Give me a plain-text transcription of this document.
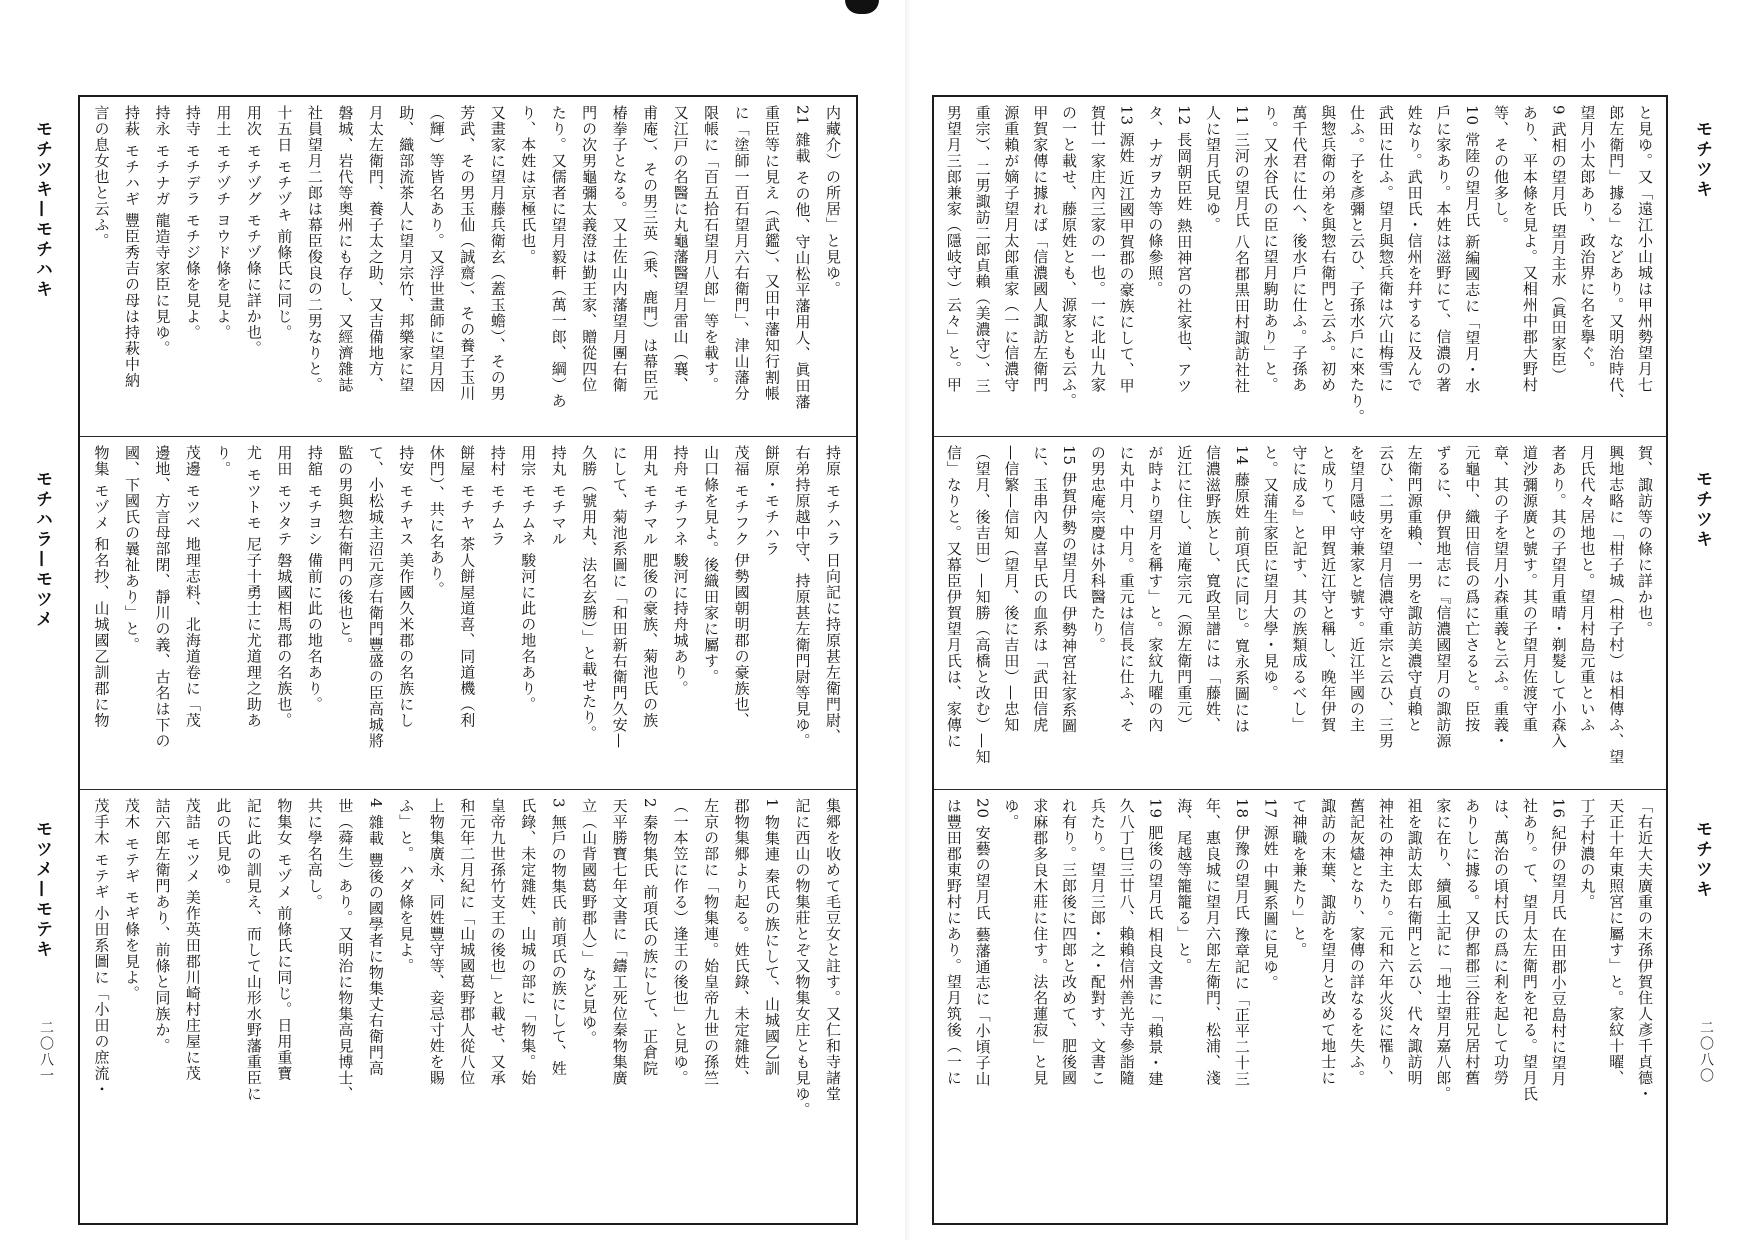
モチツキ—モチハキ
モチハラ—モツメ
モツメ—モテキ
二〇八一
内藏介）の所居」と見ゆ。
21 雜載 その他、守山松平藩用人、眞田藩
重臣等に見え（武鑑）、又田中藩知行割帳
に「塗師一百石望月六右衛門」、津山藩分
限帳に「百五拾石望月八郎」等を載す。
又江戸の名醫に丸龜藩醫望月雷山（襄、
甫庵）、その男三英（乗、鹿門）は幕臣元
椿拳子となる。又土佐山内藩望月團右衛
門の次男龜彌太義澄は勤王家、贈從四位
たり。又儒者に望月毅軒（萬一郎、綱）あ
り、本姓は京極氏也。
又畫家に望月藤兵衛玄（蓋玉蟾）、その男
芳武、その男玉仙（誠齋）、その養子玉川
（輝）等皆名あり。又浮世畫師に望月因
助、織部流茶人に望月宗竹、邦樂家に望
月太左衛門、養子太之助、又吉備地方、
磐城、岩代等奥州にも存し、又經濟雜誌
社員望月二郎は幕臣俊良の二男なりと。
十五日 モチヅキ 前條氏に同じ。
用次 モチヅグ モチヅ條に詳か也。
用土 モチヅチ ヨウド條を見よ。
持寺 モチデラ モチジ條を見よ。
持永 モチナガ 龍造寺家臣に見ゆ。
持萩 モチハギ 豐臣秀吉の母は持萩中納
言の息女也と云ふ。
持原 モチハラ 日向記に持原甚左衛門尉、
右弟持原越中守、持原甚左衛門尉等見ゆ。
餅原・モチハラ
茂福 モチフク 伊勢國朝明郡の豪族也、
山口條を見よ。後織田家に屬す。
持舟 モチフネ 駿河に持舟城あり。
用丸 モチマル 肥後の豪族、菊池氏の族
にして、菊池系圖に「和田新右衛門久安—
久勝（號用丸、法名玄勝）」と載せたり。
持丸 モチマル
用宗 モチムネ 駿河に此の地名あり。
持村 モチムラ
餅屋 モチヤ 茶人餅屋道喜、同道機（利
休門）、共に名あり。
持安 モチヤス 美作國久米郡の名族にし
て、小松城主沼元彦右衛門豐盛の臣高城將
監の男與惣右衛門の後也と。
持舘 モチヨシ 備前に此の地名あり。
用田 モツタテ 磐城國相馬郡の名族也。
尤 モツトモ 尼子十勇士に尤道理之助あ
り。
茂邊 モツベ 地理志料、北海道卷に「茂
邊地、方言母部閉、靜川の義、古名は下の
國、下國氏の曩祉あり」と。
物集 モヅメ 和名抄、山城國乙訓郡に物
集郷を收めて毛豆女と註す。又仁和寺諸堂
記に西山の物集莊とぞ又物集女庄とも見ゆ。
1 物集連 秦氏の族にして、山城國乙訓
郡物集郷より起る。姓氏錄、未定雜姓、
左京の部に「物集連。始皇帝九世の孫竺
（一本笠に作る）逢王の後也」と見ゆ。
2 秦物集氏 前項氏の族にして、正倉院
天平勝寶七年文書に「鑄工死位秦物集廣
立（山背國葛野郡人）」など見ゆ。
3 無戶の物集氏 前項氏の族にして、姓
氏錄、未定雜姓、山城の部に「物集。始
皇帝九世孫竹支王の後也」と載せ、又承
和元年二月紀に「山城國葛野郡人從八位
上物集廣永、同姓豐守等、妾忌寸姓を賜
ふ」と。ハダ條を見よ。
4 雜載 豐後の國學者に物集丈右衛門高
世（蕣生）あり。又明治に物集高見博士、
共に學名高し。
物集女 モヅメ 前條氏に同じ。日用重寶
記に此の訓見え、而して山形水野藩重臣に
此の氏見ゆ。
茂詰 モツメ 美作英田郡川崎村庄屋に茂
詰六郎左衛門あり、前條と同族か。
茂木 モテギ モギ條を見よ。
茂手木 モテギ 小田系圖に「小田の庶流・
モチツキ
モチツキ
モチツキ
二〇八〇
と見ゆ。又「遠江小山城は甲州勢望月七
郎左衛門」據る」などあり。又明治時代、
望月小太郎あり、政治界に名を擧ぐ。
9 武相の望月氏 望月主水（眞田家臣）
あり、平本條を見よ。又相州中郡大野村
等、その他多し。
10 常陸の望月氏 新編國志に「望月・水
戶に家あり。本姓は滋野にて、信濃の著
姓なり。武田氏・信州を幷するに及んで
武田に仕ふ。望月與惣兵衛は穴山梅雪に
仕ふ。子を彥彌と云ひ、子孫水戶に來たり。
與惣兵衛の弟を與惣右衛門と云ふ。初め
萬千代君に仕へ、後水戶に仕ふ。子孫あ
り。又水谷氏の臣に望月駒助あり」と。
11 三河の望月氏 八名郡黒田村諏訪社社
人に望月氏見ゆ。
12 長岡朝臣姓 熱田神宮の社家也、アツ
タ、ナガヲカ等の條參照。
13 源姓 近江國甲賀郡の豪族にして、甲
賀廿一家庄內三家の一也。一に北山九家
の一と載せ、藤原姓とも、源家とも云ふ。
甲賀家傳に據れば「信濃國人諏訪左衛門
源重賴が嫡子望月太郎重家（一に信濃守
重宗）、二男諏訪二郎貞賴（美濃守）、三
男望月三郎兼家（隱岐守）云々」と。甲
賀、諏訪等の條に詳か也。
興地志略に「柑子城（柑子村）は相傳ふ、望
月氏代々居地也と。望月村島元重といふ
者あり。其の子望月重晴・剃髮して小森入
道沙彌源廣と號す。其の子望月佐渡守重
章、其の子を望月小森重義と云ふ。重義・
元龜中、織田信長の爲に亡さると。臣按
ずるに、伊賀地志に『信濃國望月の諏訪源
左衛門源重賴、一男を諏訪美濃守貞賴と
云ひ、二男を望月信濃守重宗と云ひ、三男
を望月隱岐守兼家と號す。近江半國の主
と成りて、甲賀近江守と稱し、晚年伊賀
守に成る』と記す、其の族類成るべし」
と。又蒲生家臣に望月大學・見ゆ。
14 藤原姓 前項氏に同じ。寬永系圖には
信濃滋野族とし、寬政呈譜には「藤姓、
近江に住し、道庵宗元（源左衛門重元）
が時より望月を稱す」と。家紋九曜の內
に丸中月、中月。重元は信長に仕ふ、そ
の男忠庵宗慶は外科醫たり。
15 伊賀伊勢の望月氏 伊勢神宮社家系圖
に、玉串內人喜早氏の血系は「武田信虎
—信繁—信知（望月、後に吉田）—忠知
（望月、後吉田）—知勝（高橋と改む）—知
信」なりと。又幕臣伊賀望月氏は、家傳に
「右近大夫廣重の末孫伊賀住人彥千貞德・
天正十年東照宮に屬す」と。家紋十曜、
丁子村濃の丸。
16 紀伊の望月氏 在田郡小豆島村に望月
社あり。て、望月太左衛門を祀る。望月氏
は、萬治の頃村氏の爲に利を起して功勞
ありしに據る。又伊都郡三谷莊兄居村舊
家に在り、續風土記に「地士望月嘉八郎。
祖を諏訪太郎右衛門と云ひ、代々諏訪明
神社の神主たり。元和六年火災に罹り、
舊記灰燼となり、家傳の詳なるを失ふ。
諏訪の末葉、諏訪を望月と改めて地士に
て神職を兼たり」と。
17 源姓 中興系圖に見ゆ。
18 伊豫の望月氏 豫章記に「正平二十三
年、惠良城に望月六郎左衛門、松浦、淺
海、尾越等籠籠る」と。
19 肥後の望月氏 相良文書に「賴景・建
久八丁巳三廿八、賴賴信州善光寺參詣隨
兵たり。望月三郎・之・配對す、文書こ
れ有り。三郎後に四郎と改めて、肥後國
求麻郡多良木莊に住す。法名蓮寂」と見
ゆ。
20 安藝の望月氏 藝藩通志に「小頃子山
は豐田郡東野村にあり。望月筑後（一に
